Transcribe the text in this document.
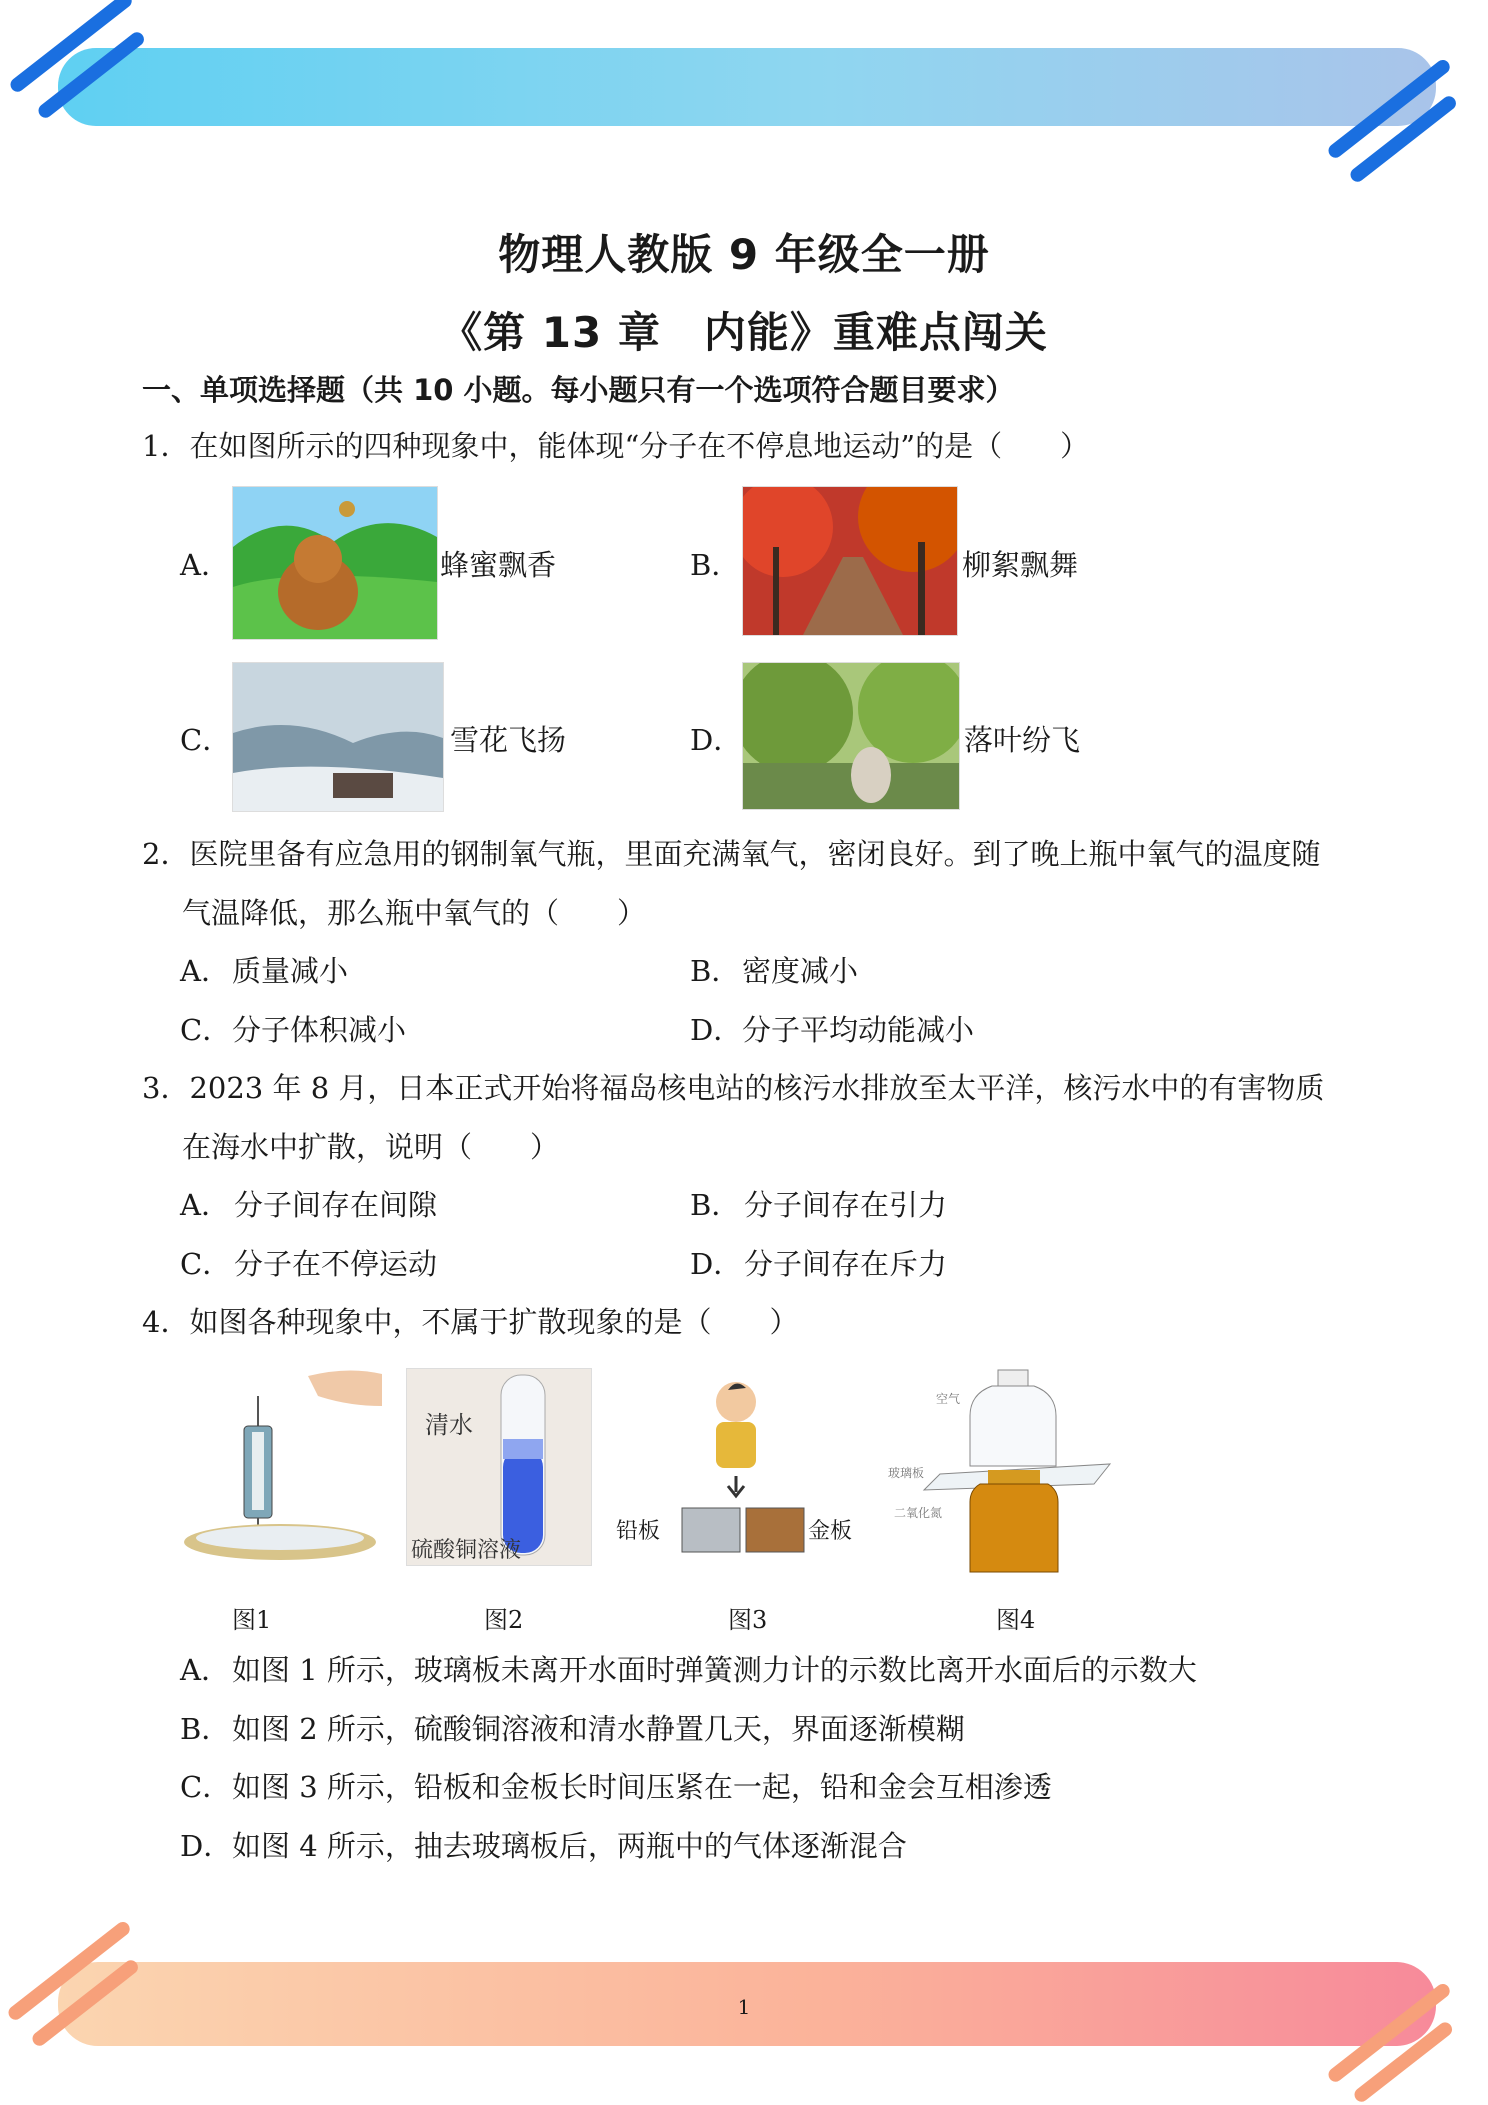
物理人教版 9 年级全一册
《第 13 章　内能》重难点闯关
一、单项选择题（共 10 小题。每小题只有一个选项符合题目要求）
1．在如图所示的四种现象中，能体现“分子在不停息地运动”的是（　　）
A．	蜂蜜飘香	B．	柳絮飘舞
C．	雪花飞扬	D．	落叶纷飞
2．医院里备有应急用的钢制氧气瓶，里面充满氧气，密闭良好。到了晚上瓶中氧气的温度随
气温降低，那么瓶中氧气的（　　）
A． 质量减小	B． 密度减小
C． 分子体积减小	D． 分子平均动能减小
3．2023 年 8 月，日本正式开始将福岛核电站的核污水排放至太平洋，核污水中的有害物质
在海水中扩散，说明（　　）
A． 分子间存在间隙	B． 分子间存在引力
C． 分子在不停运动	D． 分子间存在斥力
4．如图各种现象中，不属于扩散现象的是（　　）
清水
硫酸铜溶液
铅板	金板
空气
玻璃板
二氧化氮
图1	图2	图3	图4
A． 如图 1 所示，玻璃板未离开水面时弹簧测力计的示数比离开水面后的示数大
B． 如图 2 所示，硫酸铜溶液和清水静置几天，界面逐渐模糊
C． 如图 3 所示，铅板和金板长时间压紧在一起，铅和金会互相渗透
D． 如图 4 所示，抽去玻璃板后，两瓶中的气体逐渐混合
1
